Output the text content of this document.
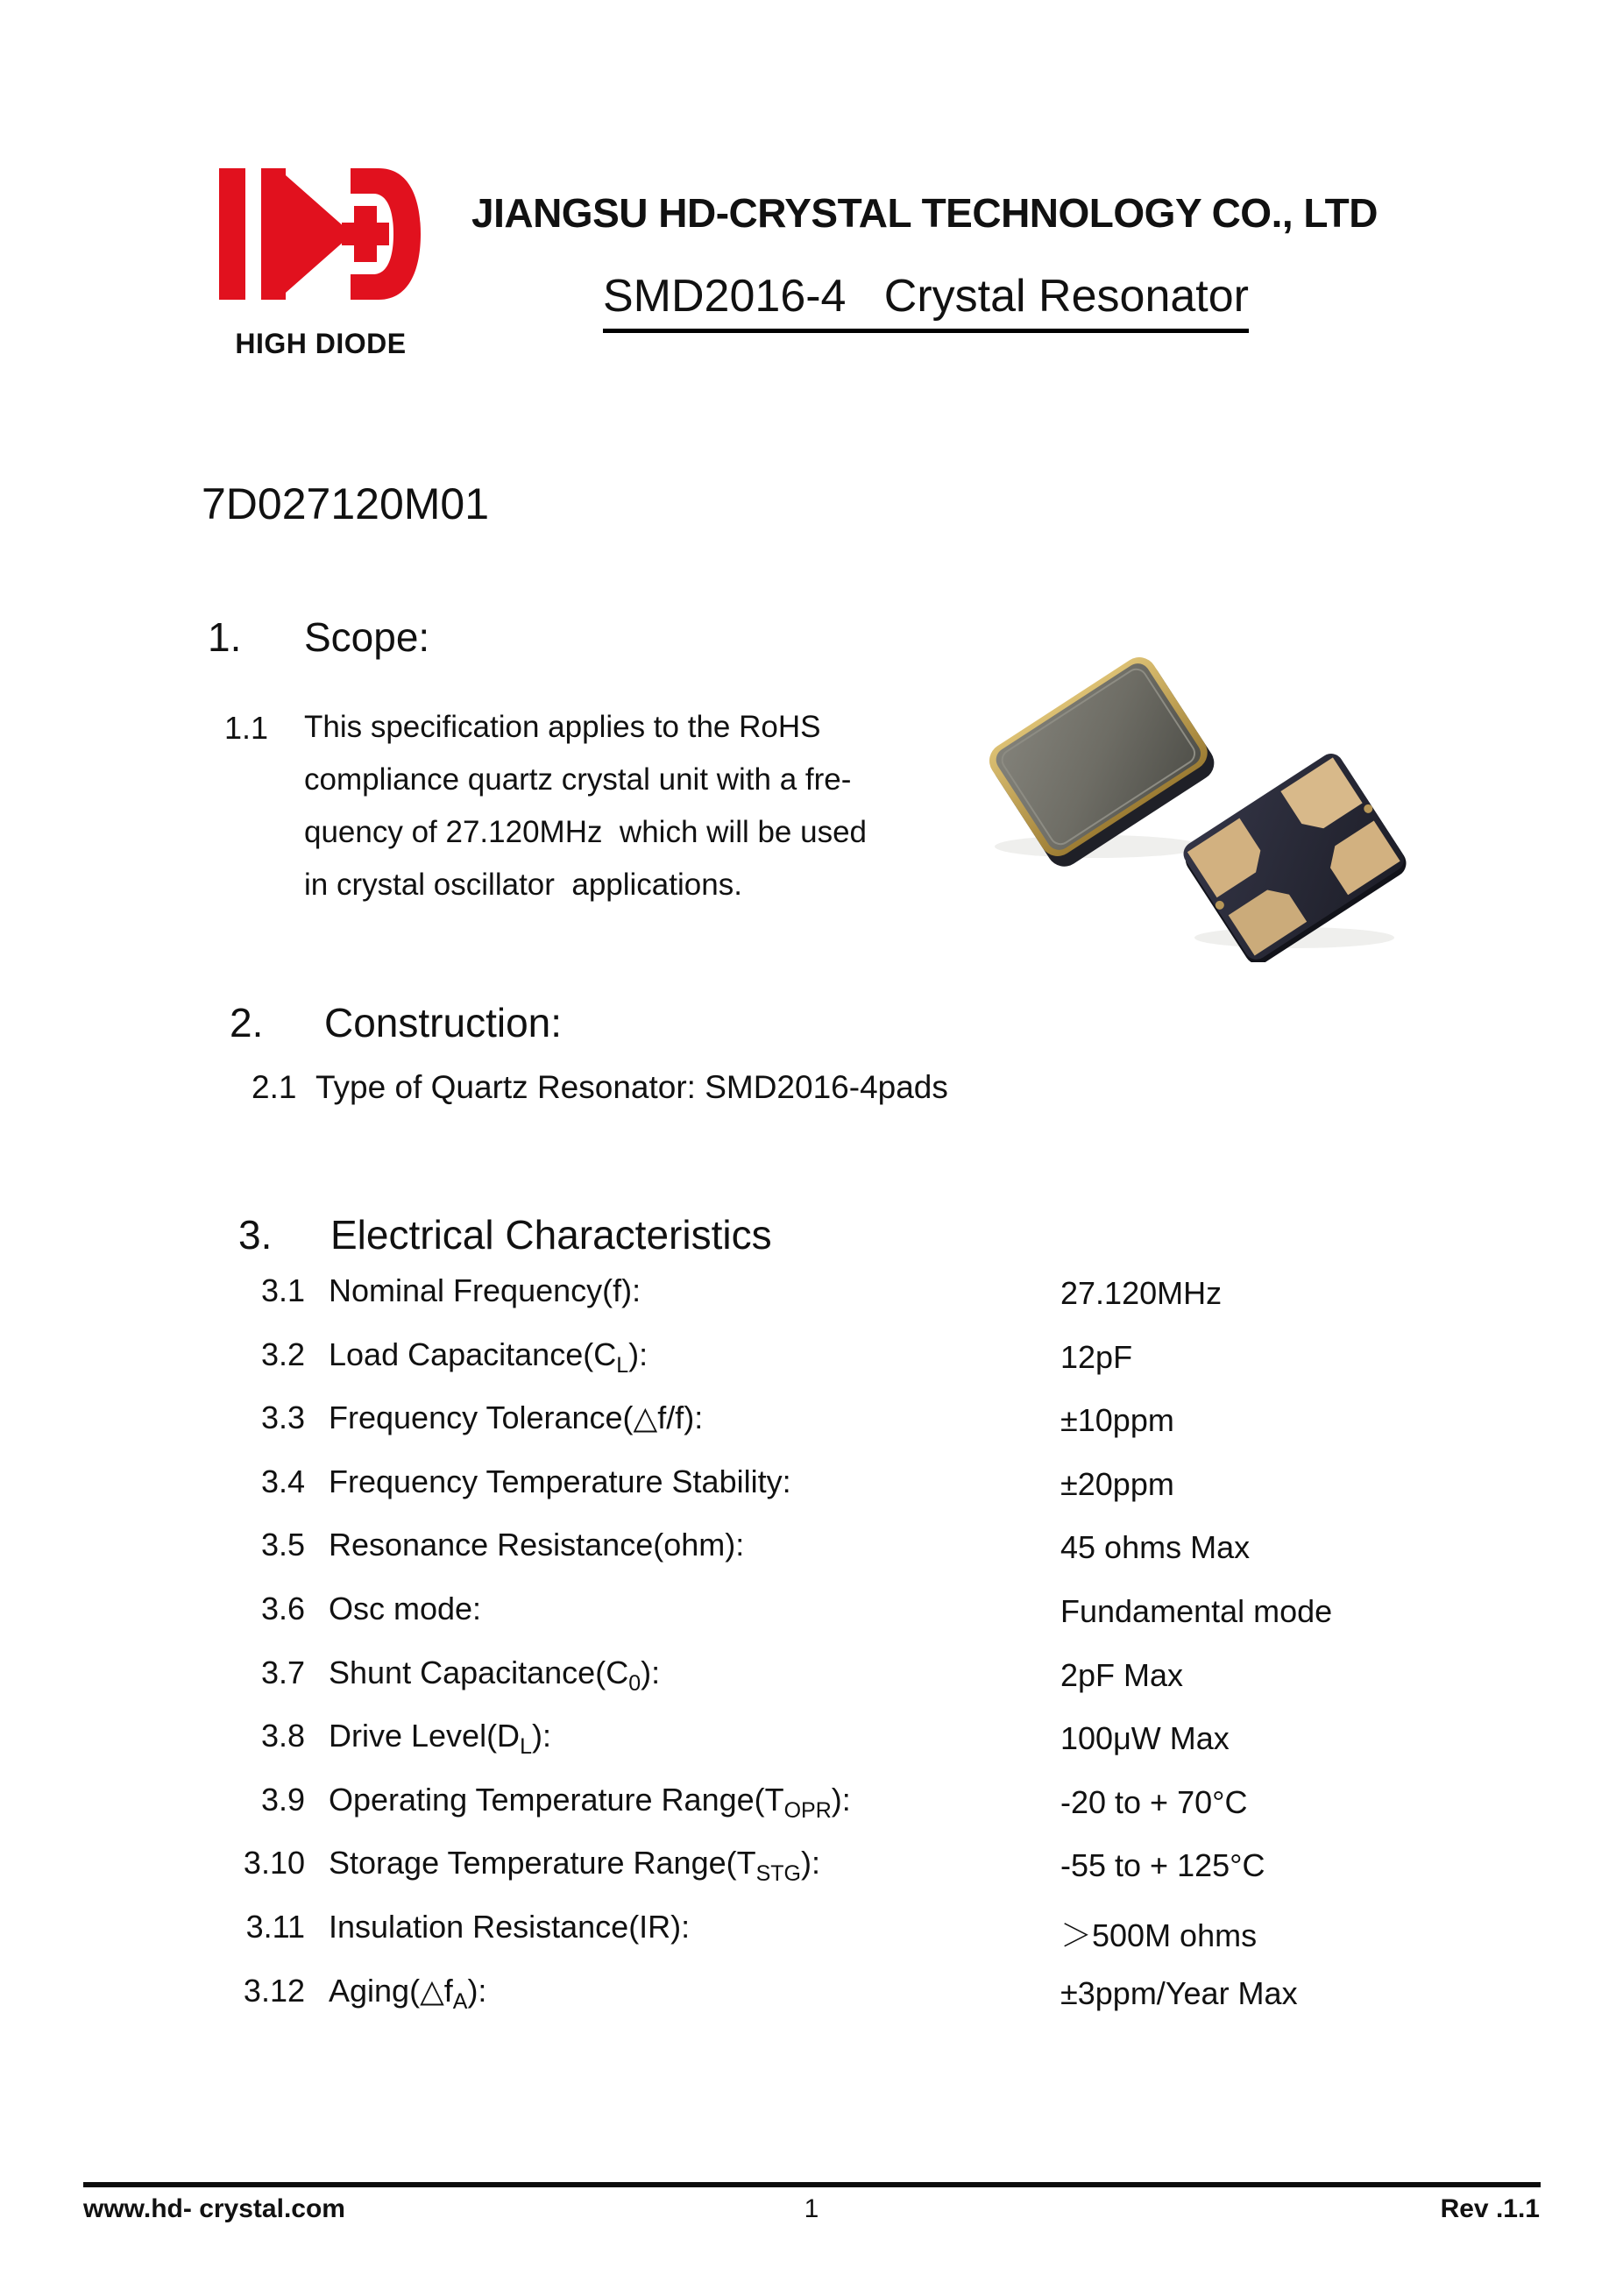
HIGH DIODE
JIANGSU HD-CRYSTAL TECHNOLOGY CO., LTD
SMD2016-4   Crystal Resonator
7D027120M01
1. Scope:
1.1 This specification applies to the RoHS
compliance quartz crystal unit with a fre-
quency of 27.120MHz  which will be used
in crystal oscillator  applications.
2. Construction:
2.1 Type of Quartz Resonator: SMD2016-4pads
3. Electrical Characteristics
3.1 Nominal Frequency(f):	27.120MHz
3.2 Load $Capacitance(C_L)$:	12pF
3.3 Frequency Tolerance(△f/f):	±10ppm
3.4 Frequency Temperature Stability:	±20ppm
3.5 Resonance Resistance(ohm):	45 ohms Max
3.6 Osc mode:	Fundamental mode
3.7 Shunt $Capacitance(C_0)$:	2pF Max
3.8 Drive $Level(D_L)$:	100μW Max
3.9 Operating Temperature $Range(T_{OPR})$:	-20 to + 70°C
3.10 Storage Temperature $Range(T_{STG})$:	-55 to + 125°C
3.11 Insulation Resistance(IR):	＞500M ohms
3.12 $Aging(\triangle f_A)$:	±3ppm/Year Max
www.hd- crystal.com	1	Rev .1.1
